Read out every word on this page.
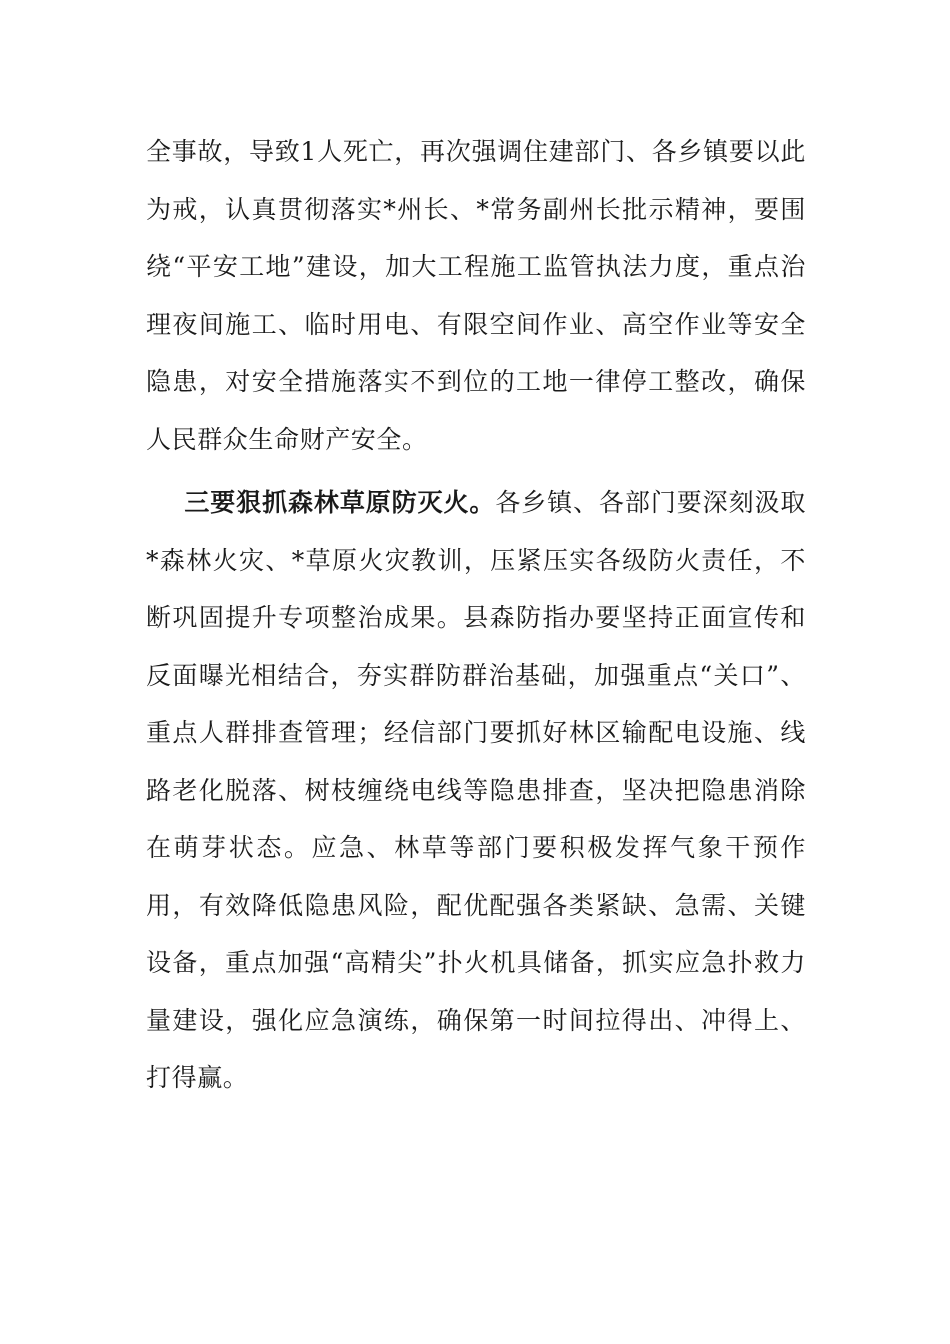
全事故，导致1人死亡，再次强调住建部门、各乡镇要以此为戒，认真贯彻落实*州长、*常务副州长批示精神，要围绕“平安工地”建设，加大工程施工监管执法力度，重点治理夜间施工、临时用电、有限空间作业、高空作业等安全隐患，对安全措施落实不到位的工地一律停工整改，确保人民群众生命财产安全。

三要狠抓森林草原防灭火。各乡镇、各部门要深刻汲取*森林火灾、*草原火灾教训，压紧压实各级防火责任，不断巩固提升专项整治成果。县森防指办要坚持正面宣传和反面曝光相结合，夯实群防群治基础，加强重点“关口”、重点人群排查管理；经信部门要抓好林区输配电设施、线路老化脱落、树枝缠绕电线等隐患排查，坚决把隐患消除在萌芽状态。应急、林草等部门要积极发挥气象干预作用，有效降低隐患风险，配优配强各类紧缺、急需、关键设备，重点加强“高精尖”扑火机具储备，抓实应急扑救力量建设，强化应急演练，确保第一时间拉得出、冲得上、打得赢。
